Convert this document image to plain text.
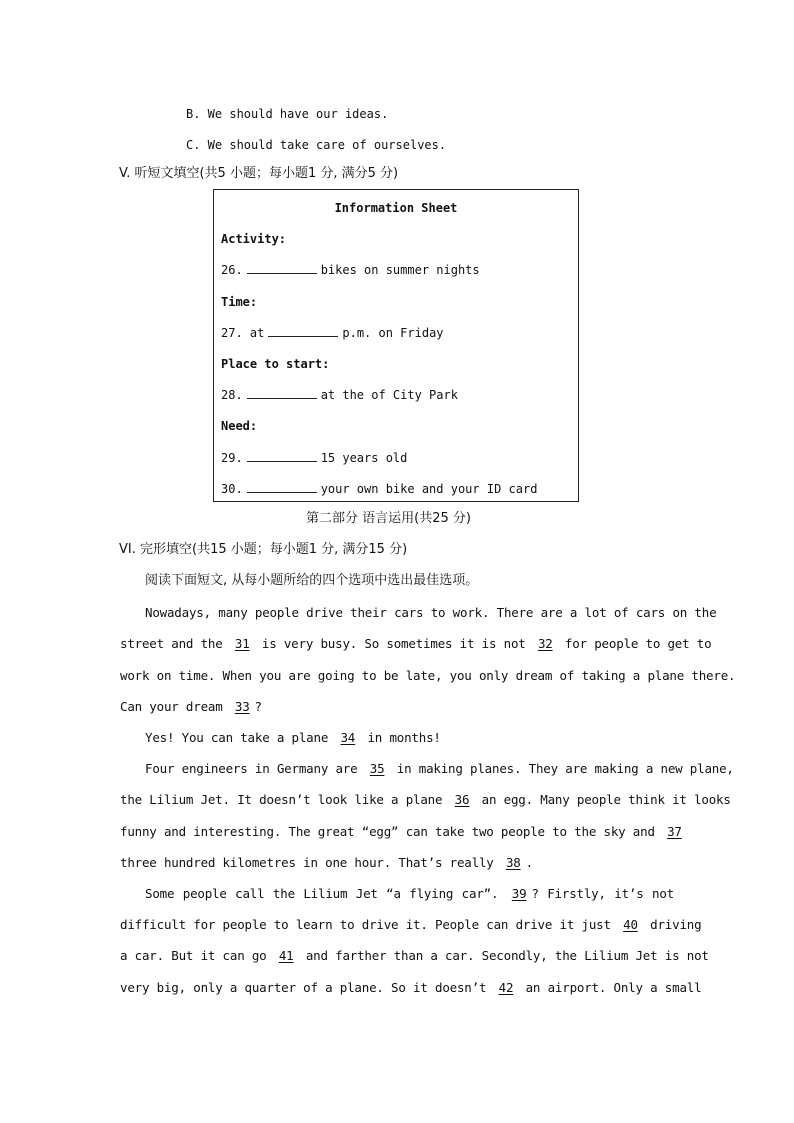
B. We should have our ideas.
C. We should take care of ourselves.
V. 听短文填空(共5 小题；每小题1 分, 满分5 分)
Information Sheet
Activity:
26.	bikes on summer nights
Time:
27. at	p.m. on Friday
Place to start:
28.	at the of City Park
Need:
29.	15 years old
30.	your own bike and your ID card
第二部分 语言运用(共25 分)
VI. 完形填空(共15 小题；每小题1 分, 满分15 分)
阅读下面短文, 从每小题所给的四个选项中选出最佳选项。
Nowadays, many people drive their cars to work. There are a lot of cars on the
street and the 31 is very busy. So sometimes it is not 32 for people to get to
work on time. When you are going to be late, you only dream of taking a plane there.
Can your dream 33 ?
Yes! You can take a plane 34 in months!
Four engineers in Germany are 35 in making planes. They are making a new plane,
the Lilium Jet. It doesn’t look like a plane 36 an egg. Many people think it looks
funny and interesting. The great “egg” can take two people to the sky and 37
three hundred kilometres in one hour. That’s really 38 .
Some people call the Lilium Jet “a flying car”. 39 ? Firstly, it’s not
difficult for people to learn to drive it. People can drive it just 40 driving
a car. But it can go 41 and farther than a car. Secondly, the Lilium Jet is not
very big, only a quarter of a plane. So it doesn’t 42 an airport. Only a small
